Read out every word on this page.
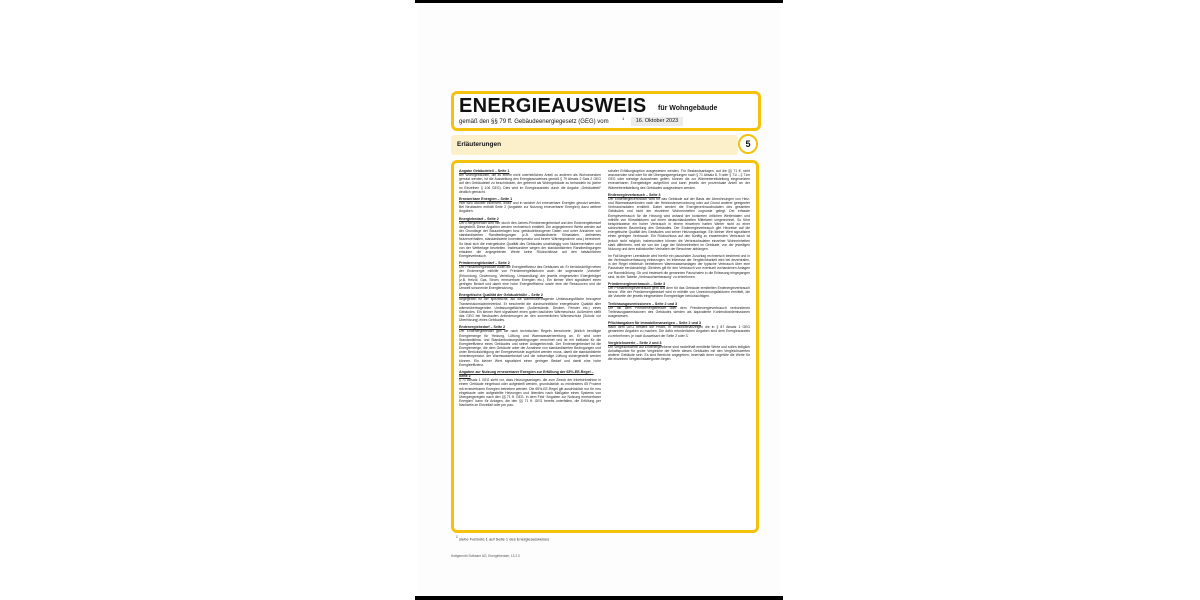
ENERGIEAUSWEIS für Wohngebäude
gemäß den §§ 79 ff. Gebäudeenergiegesetz (GEG) vom
1	16. Oktober 2023
Erläuterungen	5
Angabe Gebäudeteil – Seite 1

Bei Wohngebäuden, die zu einem nicht unerheblichen Anteil zu anderen als Wohnzwecken genutzt werden, ist die Ausstellung des Energieausweises gemäß § 79 Absatz 2 Satz 2 GEG auf den Gebäudeteil zu beschränken, der getrennt als Wohngebäude zu behandeln ist (siehe im Einzelnen § 106 GEG). Dies wird im Energieausweis durch die Angabe „Gebäudeteil“ deutlich gemacht.

Erneuerbare Energien – Seite 1

Hier wird darüber informiert, wofür und in welcher Art erneuerbare Energien genutzt werden. Bei Neubauten enthält Seite 2 (Angaben zur Nutzung erneuerbarer Energien) dazu weitere Angaben.

Energiebedarf – Seite 2

Der Energiebedarf wird hier durch den Jahres-Primärenergiebedarf und den Endenergiebedarf dargestellt. Diese Angaben werden rechnerisch ermittelt. Die angegebenen Werte werden auf der Grundlage der Bauunterlagen bzw. gebäudebezogener Daten und unter Annahme von standardisierten Randbedingungen (z.B. standardisierte Klimadaten, definiertes Nutzerverhalten, standardisierte Innentemperatur und innere Wärmegewinne usw.) berechnet. So lässt sich die energetische Qualität des Gebäudes unabhängig vom Nutzerverhalten und von der Wetterlage beurteilen. Insbesondere wegen der standardisierten Randbedingungen erlauben die angegebenen Werte keine Rückschlüsse auf den tatsächlichen Energieverbrauch.

Primärenergiebedarf – Seite 2

Der Primärenergiebedarf bildet die Energieeffizienz des Gebäudes ab. Er berücksichtigt neben der Endenergie mithilfe von Primärenergiefaktoren auch die sogenannte „Vorkette“ (Erkundung, Gewinnung, Verteilung, Umwandlung) der jeweils eingesetzten Energieträger (z.B. Heizöl, Gas, Strom, erneuerbare Energien etc.). Ein kleiner Wert signalisiert einen geringen Bedarf und damit eine hohe Energieeffizienz sowie eine die Ressourcen und die Umwelt schonende Energienutzung.

Energetische Qualität der Gebäudehülle – Seite 2

Angegeben ist der spezifische, auf die wärmeübertragende Umfassungsfläche bezogene Transmissionswärmeverlust. Er beschreibt die durchschnittliche energetische Qualität aller wärmeübertragenden Umfassungsflächen (Außenwände, Decken, Fenster etc.) eines Gebäudes. Ein kleiner Wert signalisiert einen guten baulichen Wärmeschutz. Außerdem stellt das GEG bei Neubauten Anforderungen an den sommerlichen Wärmeschutz (Schutz vor Überhitzung) eines Gebäudes.

Endenergiebedarf – Seite 2

Der Endenergiebedarf gibt die nach technischen Regeln berechnete, jährlich benötigte Energiemenge für Heizung, Lüftung und Warmwasserbereitung an. Er wird unter Standardklima- und Standardnutzungsbedingungen errechnet und ist ein Indikator für die Energieeffizienz eines Gebäudes und seiner Anlagentechnik. Der Endenergiebedarf ist die Energiemenge, die dem Gebäude unter der Annahme von standardisierten Bedingungen und unter Berücksichtigung der Energieverluste zugeführt werden muss, damit die standardisierte Innentemperatur, der Warmwasserbedarf und die notwendige Lüftung sichergestellt werden können. Ein kleiner Wert signalisiert einen geringen Bedarf und damit eine hohe Energieeffizienz.

Angaben zur Nutzung erneuerbarer Energien zur Erfüllung der 65%-EE-Regel – Seite 2

§ 71 Absatz 1 GEG sieht vor, dass Heizungsanlagen, die zum Zweck der Inbetriebnahme in einem Gebäude eingebaut oder aufgestellt werden, grundsätzlich zu mindestens 65 Prozent mit erneuerbaren Energien betrieben werden. Die 65%-EE-Regel gilt ausdrücklich nur für neu eingebaute oder aufgestellte Heizungen und überdies nach Maßgabe eines Systems von Übergangsregeln nach den §§ 71 ff. GEG. In dem Feld “Angaben zur Nutzung erneuerbarer Energien” kann für Anlagen, die den §§ 71 ff. GEG bereits unterfallen, die Erfüllung per Nachweis im Einzelfall oder per pau-

schaler Erfüllungsoption ausgewiesen werden. Für Bestandsanlagen, auf die §§ 71 ff. nicht anzuwenden sind oder für die Übergangsregelungen nach § 71 Absatz 8, 9 oder § 71i – § 71m GEG oder sonstige Ausnahmen gelten, können die zur Wärmebereitstellung eingesetzten erneuerbaren Energieträger aufgeführt und kann jeweils der prozentuale Anteil an der Wärmebereitstellung des Gebäudes ausgewiesen werden.

Endenergieverbrauch – Seite 3

Der Endenergieverbrauch wird für das Gebäude auf der Basis der Abrechnungen von Heiz- und Warmwasserkosten nach der Heizkostenverordnung oder auf Grund anderer geeigneter Verbrauchsdaten ermittelt. Dabei werden die Energieverbrauchsdaten des gesamten Gebäudes und nicht der einzelnen Wohneinheiten zugrunde gelegt. Der erfasste Energieverbrauch für die Heizung wird anhand der konkreten örtlichen Wetterdaten und mithilfe von Klimafaktoren auf einen deutschlandweiten Mittelwert umgerechnet. So führt beispielsweise ein hoher Verbrauch in einem einzelnen harten Winter nicht zu einer schlechteren Beurteilung des Gebäudes. Der Endenergieverbrauch gibt Hinweise auf die energetische Qualität des Gebäudes und seiner Heizungsanlage. Ein kleiner Wert signalisiert einen geringen Verbrauch. Ein Rückschluss auf den künftig zu erwartenden Verbrauch ist jedoch nicht möglich; insbesondere können die Verbrauchsdaten einzelner Wohneinheiten stark differieren, weil sie von der Lage der Wohneinheiten im Gebäude, von der jeweiligen Nutzung und dem individuellen Verhalten der Bewohner abhängen.

Im Fall längerer Leerstände wird hierfür ein pauschaler Zuschlag rechnerisch bestimmt und in die Verbrauchserfassung einbezogen. Im Interesse der Vergleichbarkeit wird bei dezentralen, in der Regel elektrisch betriebenen Warmwasseranlagen der typische Verbrauch über eine Pauschale berücksichtigt. Gleiches gilt für den Verbrauch von eventuell vorhandenen Anlagen zur Raumkühlung. Ob und inwieweit die genannten Pauschalen in die Erfassung eingegangen sind, ist der Tabelle „Verbrauchserfassung“ zu entnehmen.

Primärenergieverbrauch – Seite 3

Der Primärenergieverbrauch geht aus dem für das Gebäude ermittelten Endenergieverbrauch hervor. Wie der Primärenergiebedarf wird er mithilfe von Umrechnungsfaktoren ermittelt, die die Vorkette der jeweils eingesetzten Energieträger berücksichtigen.

Treibhausgasemissionen – Seite 2 und 3

Die mit dem Primärenergiebedarf oder dem Primärenergieverbrauch verbundenen Treibhausgasemissionen des Gebäudes werden als äquivalente Kohlendioxidemissionen ausgewiesen.

Pflichtangaben für Immobilienanzeigen – Seite 2 und 3

Nach dem GEG besteht die Pflicht, in Immobilienanzeigen die in § 87 Absatz 1 GEG genannten Angaben zu machen. Die dafür erforderlichen Angaben sind dem Energieausweis zu entnehmen, je nach Ausweisart der Seite 2 oder 3.

Vergleichswerte – Seite 2 und 3

Die Vergleichswerte auf Endenergieebene sind modellhaft ermittelte Werte und sollen lediglich Anhaltspunkte für grobe Vergleiche der Werte dieses Gebäudes mit den Vergleichswerten anderer Gebäude sein. Es sind Bereiche angegeben, innerhalb derer ungefähr die Werte für die einzelnen Vergleichskategorien liegen.

$^1$ siehe Fußnote 1 auf Seite 1 des Energieausweises
Hottgenroth Software AG, Energieberater, 13.2.0
